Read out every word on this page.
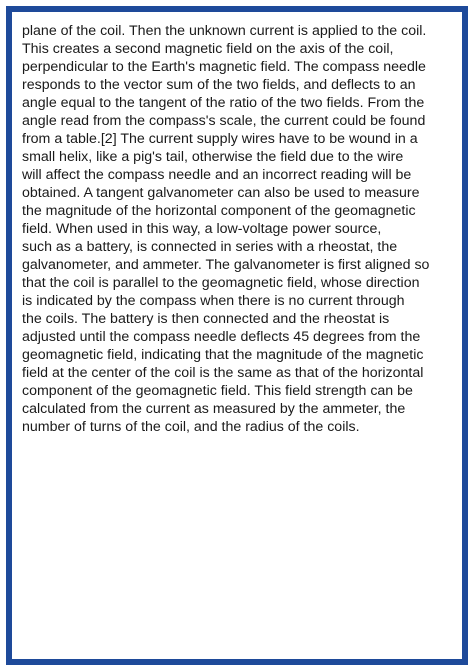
plane of the coil. Then the unknown current is applied to the coil.
This creates a second magnetic field on the axis of the coil,
perpendicular to the Earth's magnetic field. The compass needle
responds to the vector sum of the two fields, and deflects to an
angle equal to the tangent of the ratio of the two fields. From the
angle read from the compass's scale, the current could be found
from a table.[2] The current supply wires have to be wound in a
small helix, like a pig's tail, otherwise the field due to the wire
will affect the compass needle and an incorrect reading will be
obtained. A tangent galvanometer can also be used to measure
the magnitude of the horizontal component of the geomagnetic
field. When used in this way, a low-voltage power source,
such as a battery, is connected in series with a rheostat, the
galvanometer, and ammeter. The galvanometer is first aligned so
that the coil is parallel to the geomagnetic field, whose direction
is indicated by the compass when there is no current through
the coils. The battery is then connected and the rheostat is
adjusted until the compass needle deflects 45 degrees from the
geomagnetic field, indicating that the magnitude of the magnetic
field at the center of the coil is the same as that of the horizontal
component of the geomagnetic field. This field strength can be
calculated from the current as measured by the ammeter, the
number of turns of the coil, and the radius of the coils.
